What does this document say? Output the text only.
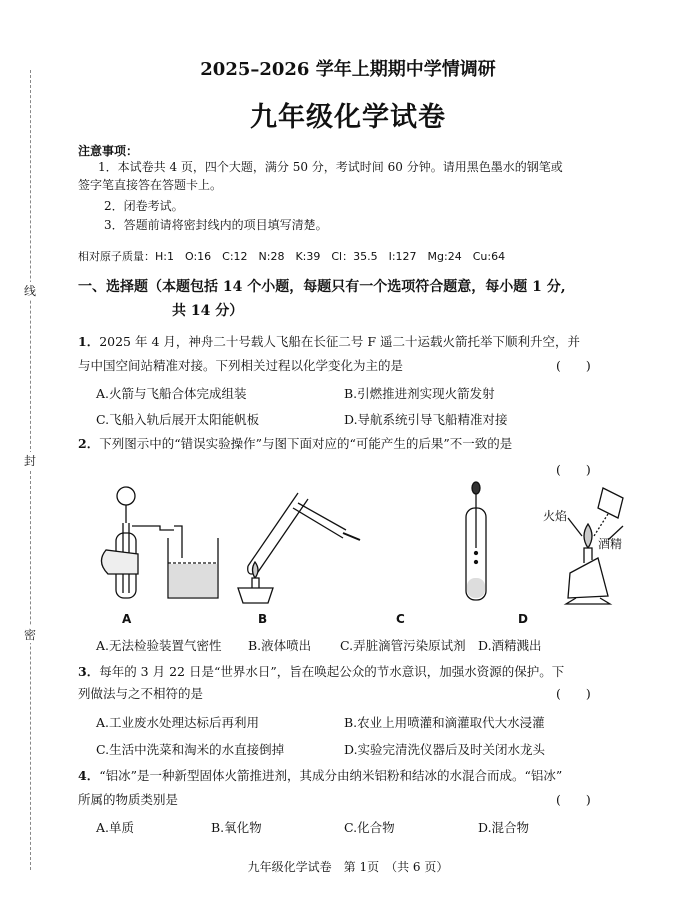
线
封
密
2025–2026 学年上期期中学情调研
九年级化学试卷
注意事项：
1．本试卷共 4 页，四个大题，满分 50 分，考试时间 60 分钟。请用黑色墨水的钢笔或
签字笔直接答在答题卡上。
2．闭卷考试。
3．答题前请将密封线内的项目填写清楚。
相对原子质量：H:1　O:16　C:12　N:28　K:39　Cl：35.5　I:127　Mg:24　Cu:64
一、选择题（本题包括 14 个小题，每题只有一个选项符合题意，每小题 1 分,
共 14 分）
1．2025 年 4 月，神舟二十号载人飞船在长征二号 F 遥二十运载火箭托举下顺利升空，并
与中国空间站精准对接。下列相关过程以化学变化为主的是	(　　)
A.火箭与飞船合体完成组装	B.引燃推进剂实现火箭发射
C.飞船入轨后展开太阳能帆板	D.导航系统引导飞船精准对接
2．下列图示中的“错误实验操作”与图下面对应的“可能产生的后果”不一致的是
(　　)
火焰
酒精
A	B	C	D
A.无法检验装置气密性 B.液体喷出 C.弄脏滴管污染原试剂 D.酒精溅出
3．每年的 3 月 22 日是“世界水日”，旨在唤起公众的节水意识，加强水资源的保护。下
列做法与之不相符的是	(　　)
A.工业废水处理达标后再利用	B.农业上用喷灌和滴灌取代大水浸灌
C.生活中洗菜和淘米的水直接倒掉	D.实验完清洗仪器后及时关闭水龙头
4．“铝冰”是一种新型固体火箭推进剂，其成分由纳米铝粉和结冰的水混合而成。“铝冰”
所属的物质类别是	(　　)
A.单质	B.氧化物	C.化合物	D.混合物
九年级化学试卷　第 1页　（共 6 页）
